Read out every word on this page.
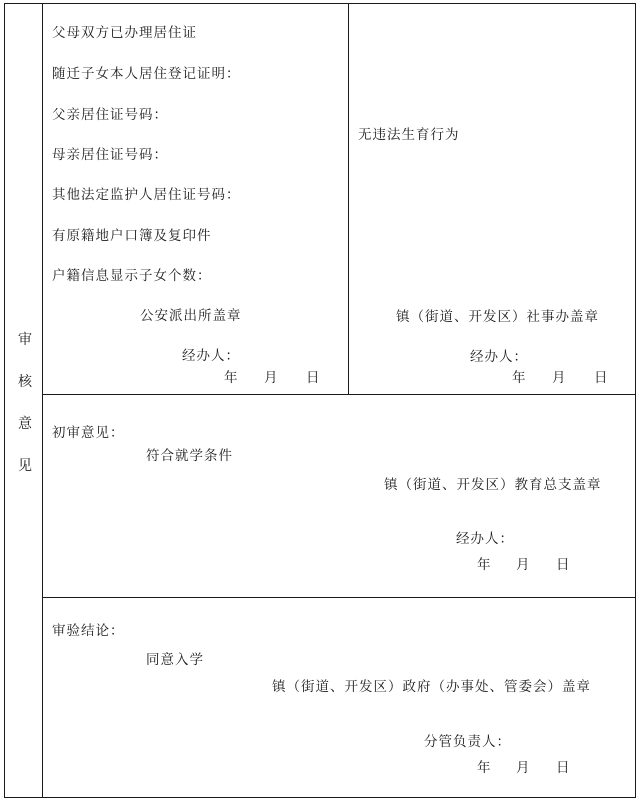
审
核
意
见
父母双方已办理居住证
随迁子女本人居住登记证明：
父亲居住证号码：
母亲居住证号码：
其他法定监护人居住证号码：
有原籍地户口簿及复印件
户籍信息显示子女个数：
公安派出所盖章
经办人：
年 月 日
无违法生育行为
镇（街道、开发区）社事办盖章
经办人：
年 月 日
初审意见：
符合就学条件
镇（街道、开发区）教育总支盖章
经办人：
年 月 日
审验结论：
同意入学
镇（街道、开发区）政府（办事处、管委会）盖章
分管负责人：
年 月 日
